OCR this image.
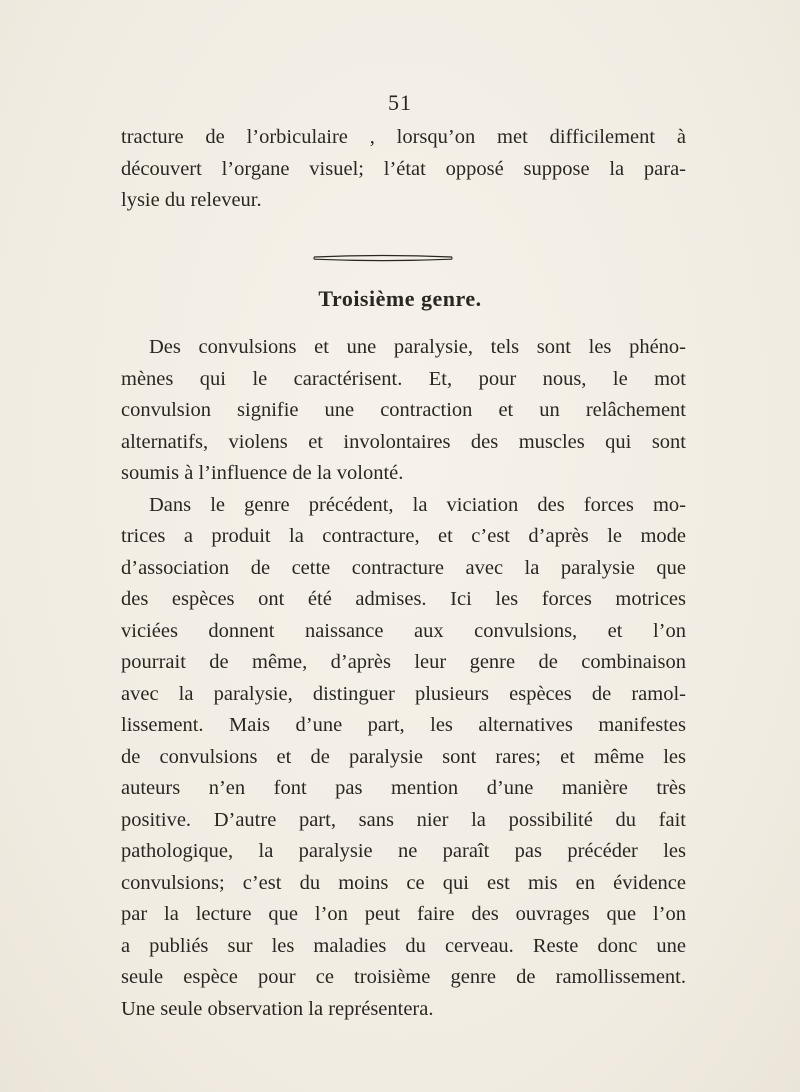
51
tracture de l’orbiculaire , lorsqu’on met difficilement à
découvert l’organe visuel; l’état opposé suppose la para-
lysie du releveur.
Troisième genre.
Des convulsions et une paralysie, tels sont les phéno-
mènes qui le caractérisent. Et, pour nous, le mot
convulsion signifie une contraction et un relâchement
alternatifs, violens et involontaires des muscles qui sont
soumis à l’influence de la volonté.
Dans le genre précédent, la viciation des forces mo-
trices a produit la contracture, et c’est d’après le mode
d’association de cette contracture avec la paralysie que
des espèces ont été admises. Ici les forces motrices
viciées donnent naissance aux convulsions, et l’on
pourrait de même, d’après leur genre de combinaison
avec la paralysie, distinguer plusieurs espèces de ramol-
lissement. Mais d’une part, les alternatives manifestes
de convulsions et de paralysie sont rares; et même les
auteurs n’en font pas mention d’une manière très
positive. D’autre part, sans nier la possibilité du fait
pathologique, la paralysie ne paraît pas précéder les
convulsions; c’est du moins ce qui est mis en évidence
par la lecture que l’on peut faire des ouvrages que l’on
a publiés sur les maladies du cerveau. Reste donc une
seule espèce pour ce troisième genre de ramollissement.
Une seule observation la représentera.
